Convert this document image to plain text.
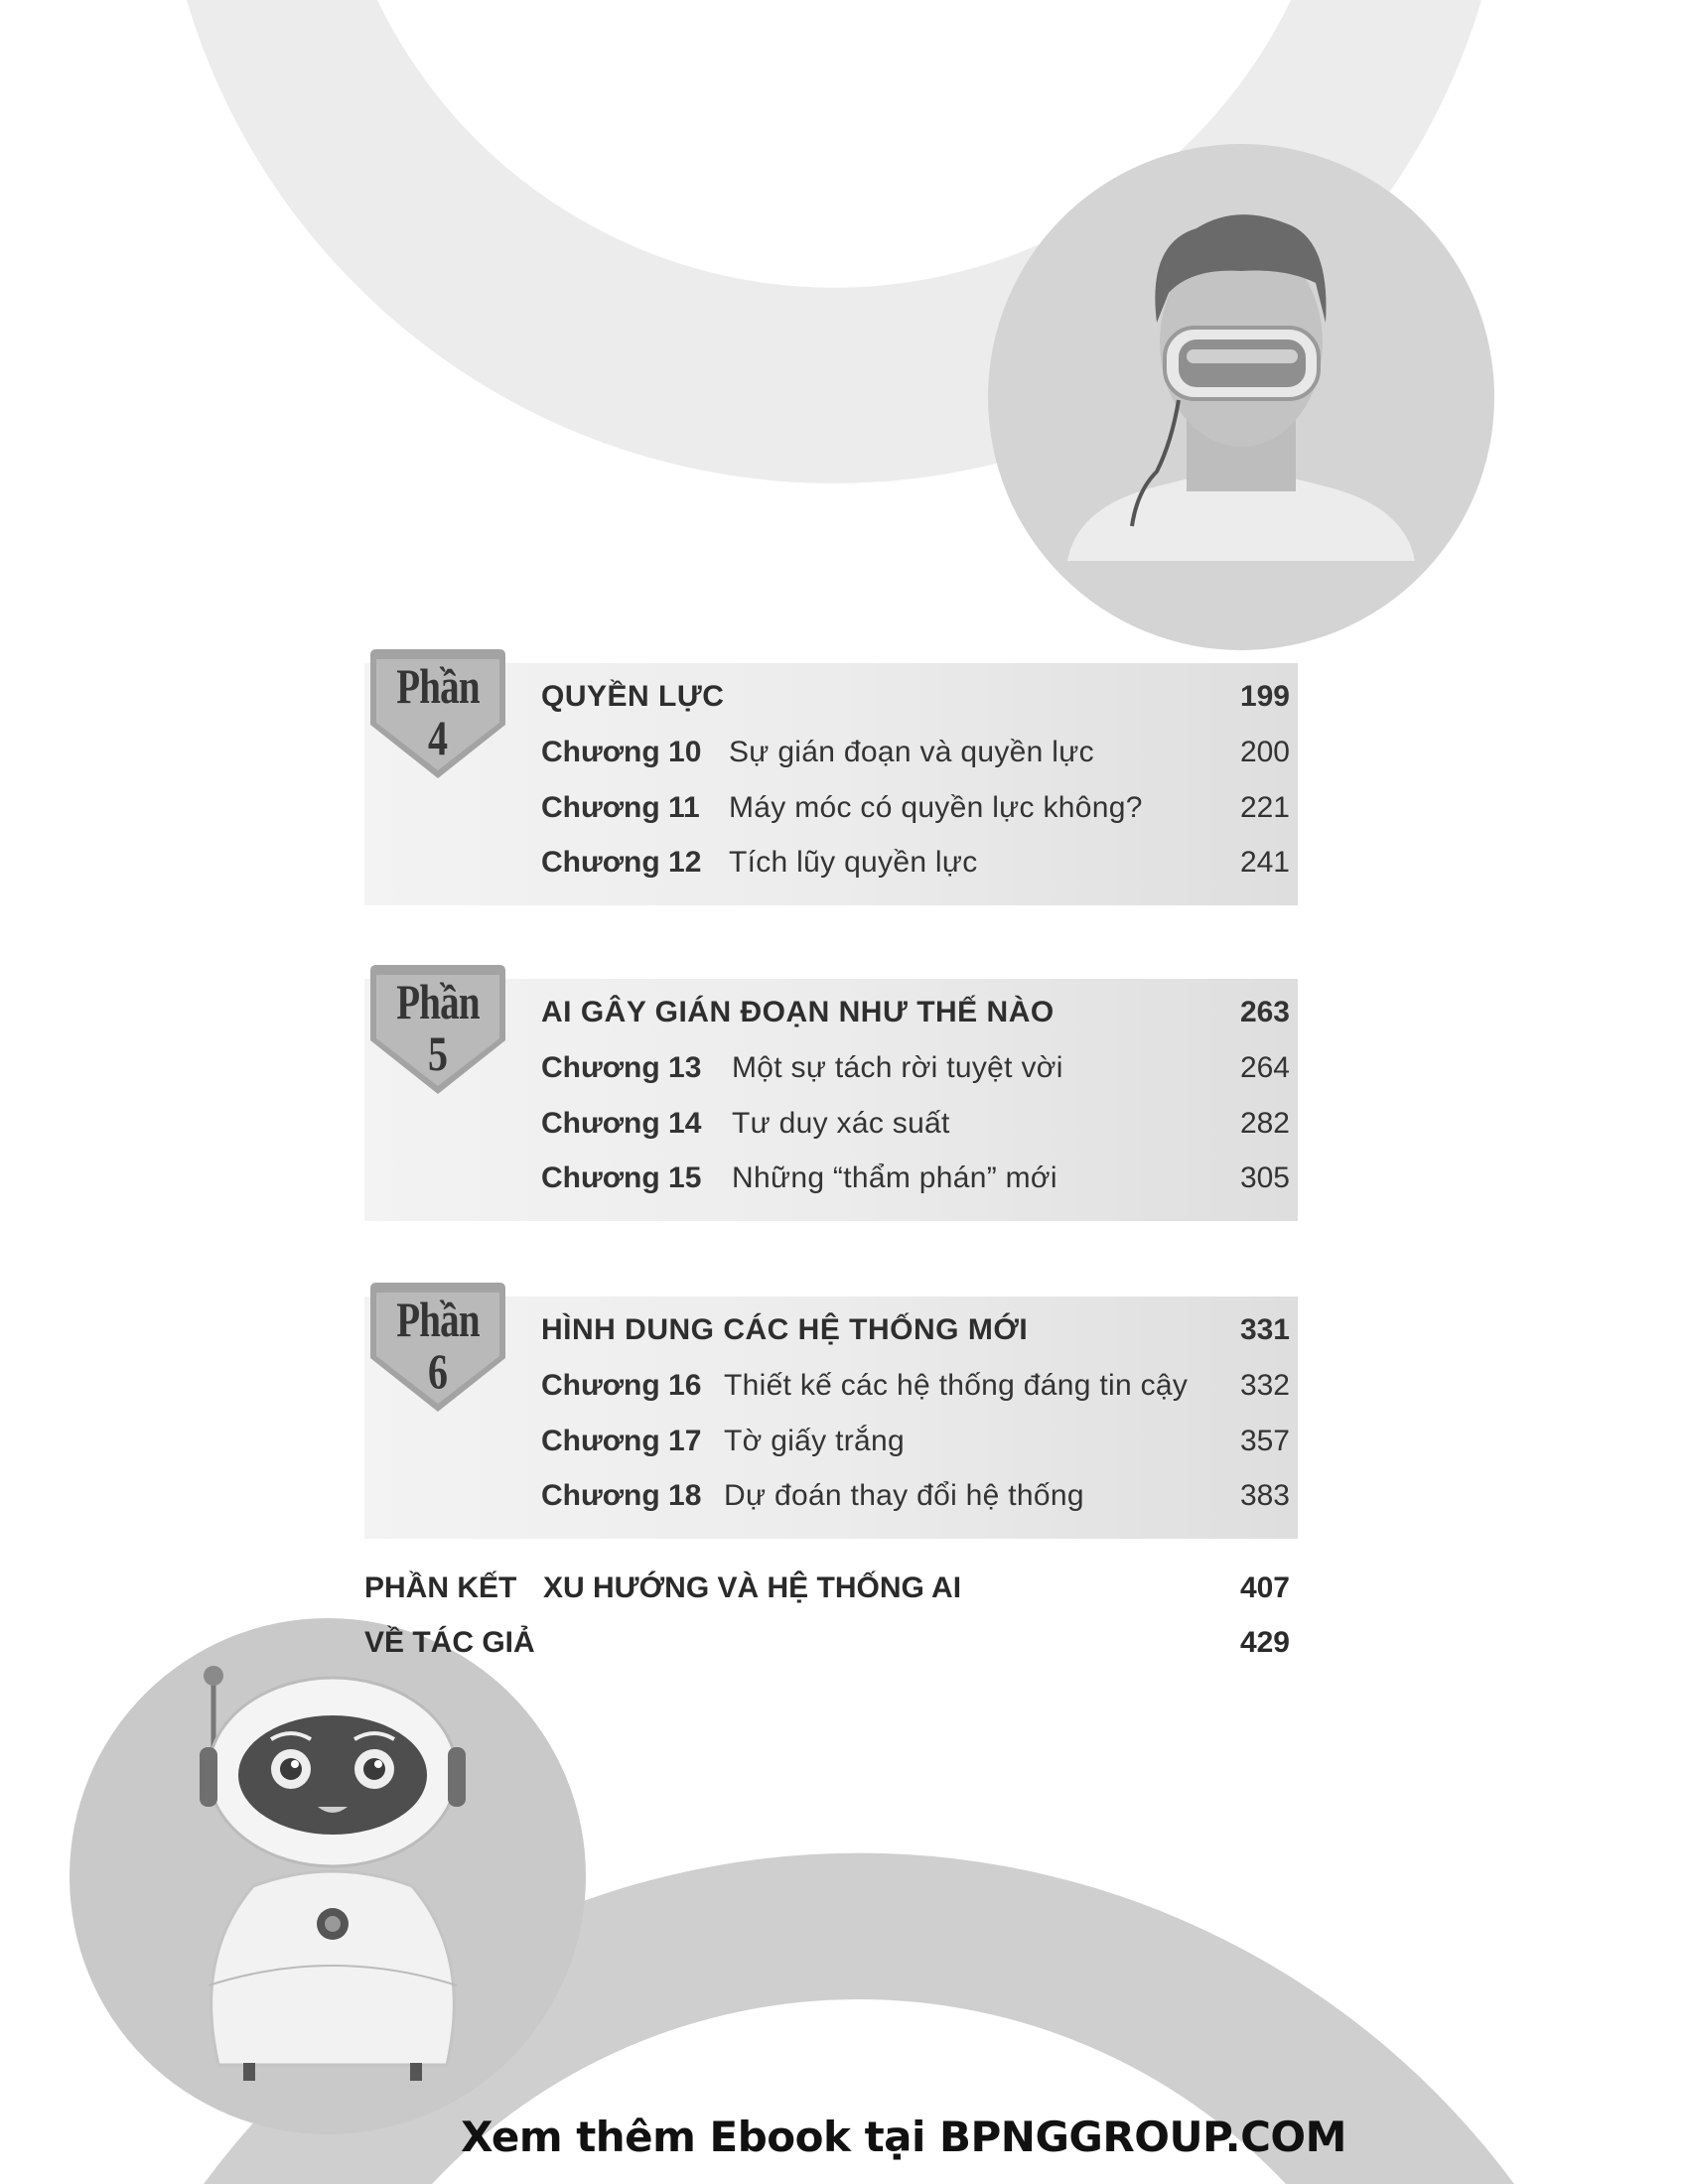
QUYỀN LỰC	199
Chương 10 Sự gián đoạn và quyền lực	200
Chương 11 Máy móc có quyền lực không?	221
Chương 12 Tích lũy quyền lực	241
Phần
4
AI GÂY GIÁN ĐOẠN NHƯ THẾ NÀO	263
Chương 13 Một sự tách rời tuyệt vời	264
Chương 14 Tư duy xác suất	282
Chương 15 Những “thẩm phán” mới	305
Phần
5
HÌNH DUNG CÁC HỆ THỐNG MỚI	331
Chương 16 Thiết kế các hệ thống đáng tin cậy 332
Chương 17 Tờ giấy trắng	357
Chương 18 Dự đoán thay đổi hệ thống	383
Phần
6
PHẦN KẾT XU HƯỚNG VÀ HỆ THỐNG AI	407
VỀ TÁC GIẢ	429
Xem thêm Ebook tại BPNGGROUP.COM
